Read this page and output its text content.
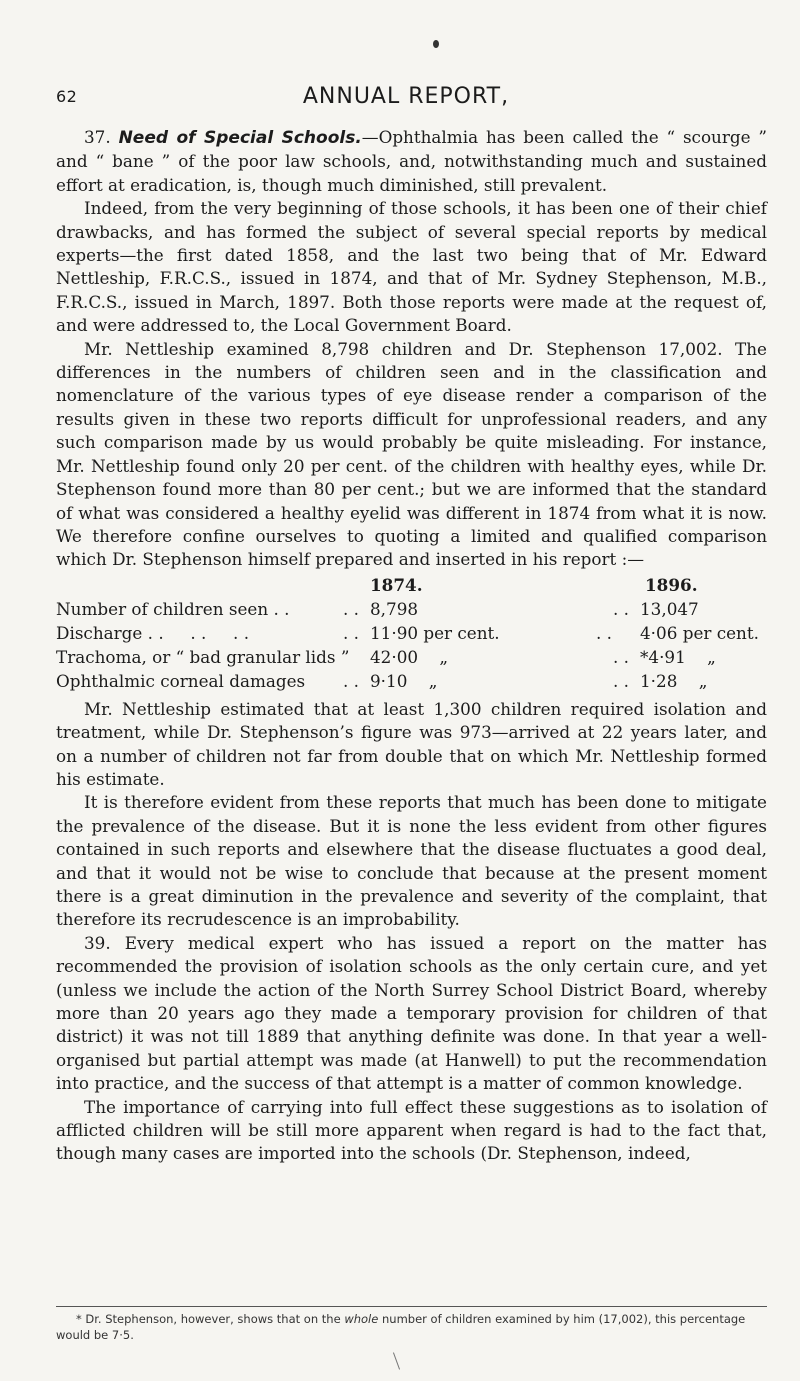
62	ANNUAL REPORT,

37. Need of Special Schools.—Ophthalmia has been called the “ scourge ” and “ bane ” of the poor law schools, and, notwithstanding much and sustained effort at eradication, is, though much diminished, still prevalent.

Indeed, from the very beginning of those schools, it has been one of their chief drawbacks, and has formed the subject of several special reports by medical experts—the first dated 1858, and the last two being that of Mr. Edward Nettleship, F.R.C.S., issued in 1874, and that of Mr. Sydney Stephenson, M.B., F.R.C.S., issued in March, 1897. Both those reports were made at the request of, and were addressed to, the Local Government Board.

Mr. Nettleship examined 8,798 children and Dr. Stephenson 17,002. The differences in the numbers of children seen and in the classification and nomenclature of the various types of eye disease render a comparison of the results given in these two reports difficult for unprofessional readers, and any such comparison made by us would probably be quite misleading. For instance, Mr. Nettleship found only 20 per cent. of the children with healthy eyes, while Dr. Stephenson found more than 80 per cent.; but we are informed that the standard of what was considered a healthy eyelid was different in 1874 from what it is now. We therefore confine ourselves to quoting a limited and qualified comparison which Dr. Stephenson himself prepared and inserted in his report :—

1874.	1896.
Number of children seen . .	. . 8,798	. . 13,047
Discharge . .     . .     . .	. . 11·90 per cent.	. . 4·06 per cent.
Trachoma, or “ bad granular lids ” 42·00    „	. . *4·91    „
Ophthalmic corneal damages . . 9·10    „	. . 1·28    „

Mr. Nettleship estimated that at least 1,300 children required isolation and treatment, while Dr. Stephenson’s figure was 973—arrived at 22 years later, and on a number of children not far from double that on which Mr. Nettleship formed his estimate.

It is therefore evident from these reports that much has been done to mitigate the prevalence of the disease. But it is none the less evident from other figures contained in such reports and elsewhere that the disease fluctuates a good deal, and that it would not be wise to conclude that because at the present moment there is a great diminution in the prevalence and severity of the complaint, that therefore its recrudescence is an improbability.

39. Every medical expert who has issued a report on the matter has recommended the provision of isolation schools as the only certain cure, and yet (unless we include the action of the North Surrey School District Board, whereby more than 20 years ago they made a temporary provision for children of that district) it was not till 1889 that anything definite was done. In that year a well-organised but partial attempt was made (at Hanwell) to put the recommendation into practice, and the success of that attempt is a matter of common knowledge.

The importance of carrying into full effect these suggestions as to isolation of afflicted children will be still more apparent when regard is had to the fact that, though many cases are imported into the schools (Dr. Stephenson, indeed,

* Dr. Stephenson, however, shows that on the whole number of children examined by him (17,002), this percentage would be 7·5.
